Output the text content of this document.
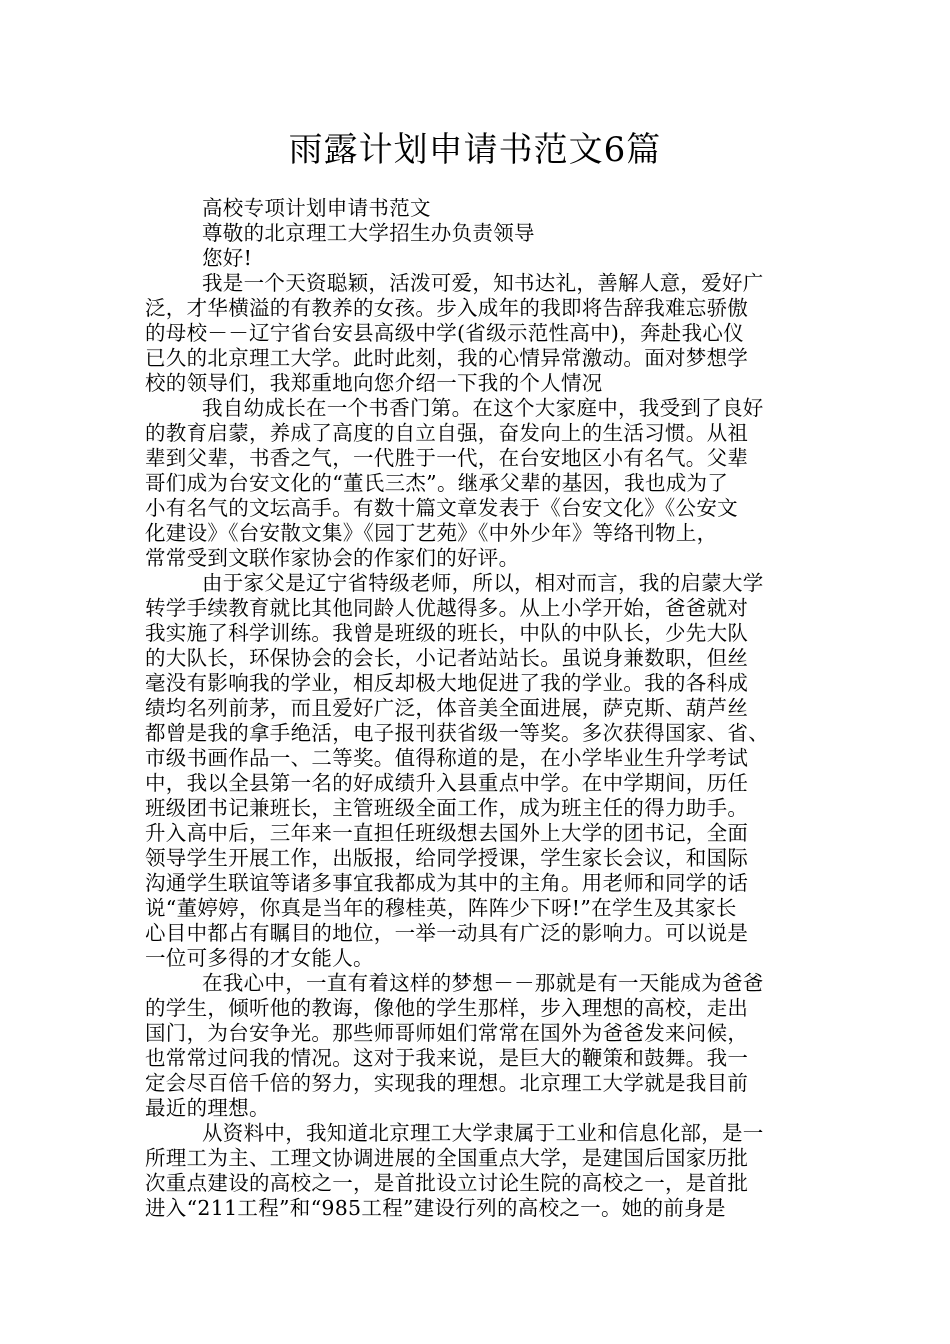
雨露计划申请书范文6篇
高校专项计划申请书范文
尊敬的北京理工大学招生办负责领导
您好!
我是一个天资聪颖，活泼可爱，知书达礼，善解人意，爱好广
泛，才华横溢的有教养的女孩。步入成年的我即将告辞我难忘骄傲
的母校－－辽宁省台安县高级中学(省级示范性高中)，奔赴我心仪
已久的北京理工大学。此时此刻，我的心情异常激动。面对梦想学
校的领导们，我郑重地向您介绍一下我的个人情况
我自幼成长在一个书香门第。在这个大家庭中，我受到了良好
的教育启蒙，养成了高度的自立自强，奋发向上的生活习惯。从祖
辈到父辈，书香之气，一代胜于一代，在台安地区小有名气。父辈
哥们成为台安文化的“董氏三杰”。继承父辈的基因，我也成为了
小有名气的文坛高手。有数十篇文章发表于《台安文化》《公安文
化建设》《台安散文集》《园丁艺苑》《中外少年》等络刊物上，
常常受到文联作家协会的作家们的好评。
由于家父是辽宁省特级老师，所以，相对而言，我的启蒙大学
转学手续教育就比其他同龄人优越得多。从上小学开始，爸爸就对
我实施了科学训练。我曾是班级的班长，中队的中队长，少先大队
的大队长，环保协会的会长，小记者站站长。虽说身兼数职，但丝
毫没有影响我的学业，相反却极大地促进了我的学业。我的各科成
绩均名列前茅，而且爱好广泛，体音美全面进展，萨克斯、葫芦丝
都曾是我的拿手绝活，电子报刊获省级一等奖。多次获得国家、省、
市级书画作品一、二等奖。值得称道的是，在小学毕业生升学考试
中，我以全县第一名的好成绩升入县重点中学。在中学期间，历任
班级团书记兼班长，主管班级全面工作，成为班主任的得力助手。
升入高中后，三年来一直担任班级想去国外上大学的团书记，全面
领导学生开展工作，出版报，给同学授课，学生家长会议，和国际
沟通学生联谊等诸多事宜我都成为其中的主角。用老师和同学的话
说“董婷婷，你真是当年的穆桂英，阵阵少下呀!”在学生及其家长
心目中都占有瞩目的地位，一举一动具有广泛的影响力。可以说是
一位可多得的才女能人。
在我心中，一直有着这样的梦想－－那就是有一天能成为爸爸
的学生，倾听他的教诲，像他的学生那样，步入理想的高校，走出
国门，为台安争光。那些师哥师姐们常常在国外为爸爸发来问候，
也常常过问我的情况。这对于我来说，是巨大的鞭策和鼓舞。我一
定会尽百倍千倍的努力，实现我的理想。北京理工大学就是我目前
最近的理想。
从资料中，我知道北京理工大学隶属于工业和信息化部，是一
所理工为主、工理文协调进展的全国重点大学，是建国后国家历批
次重点建设的高校之一，是首批设立讨论生院的高校之一，是首批
进入“211工程”和“985工程”建设行列的高校之一。她的前身是
